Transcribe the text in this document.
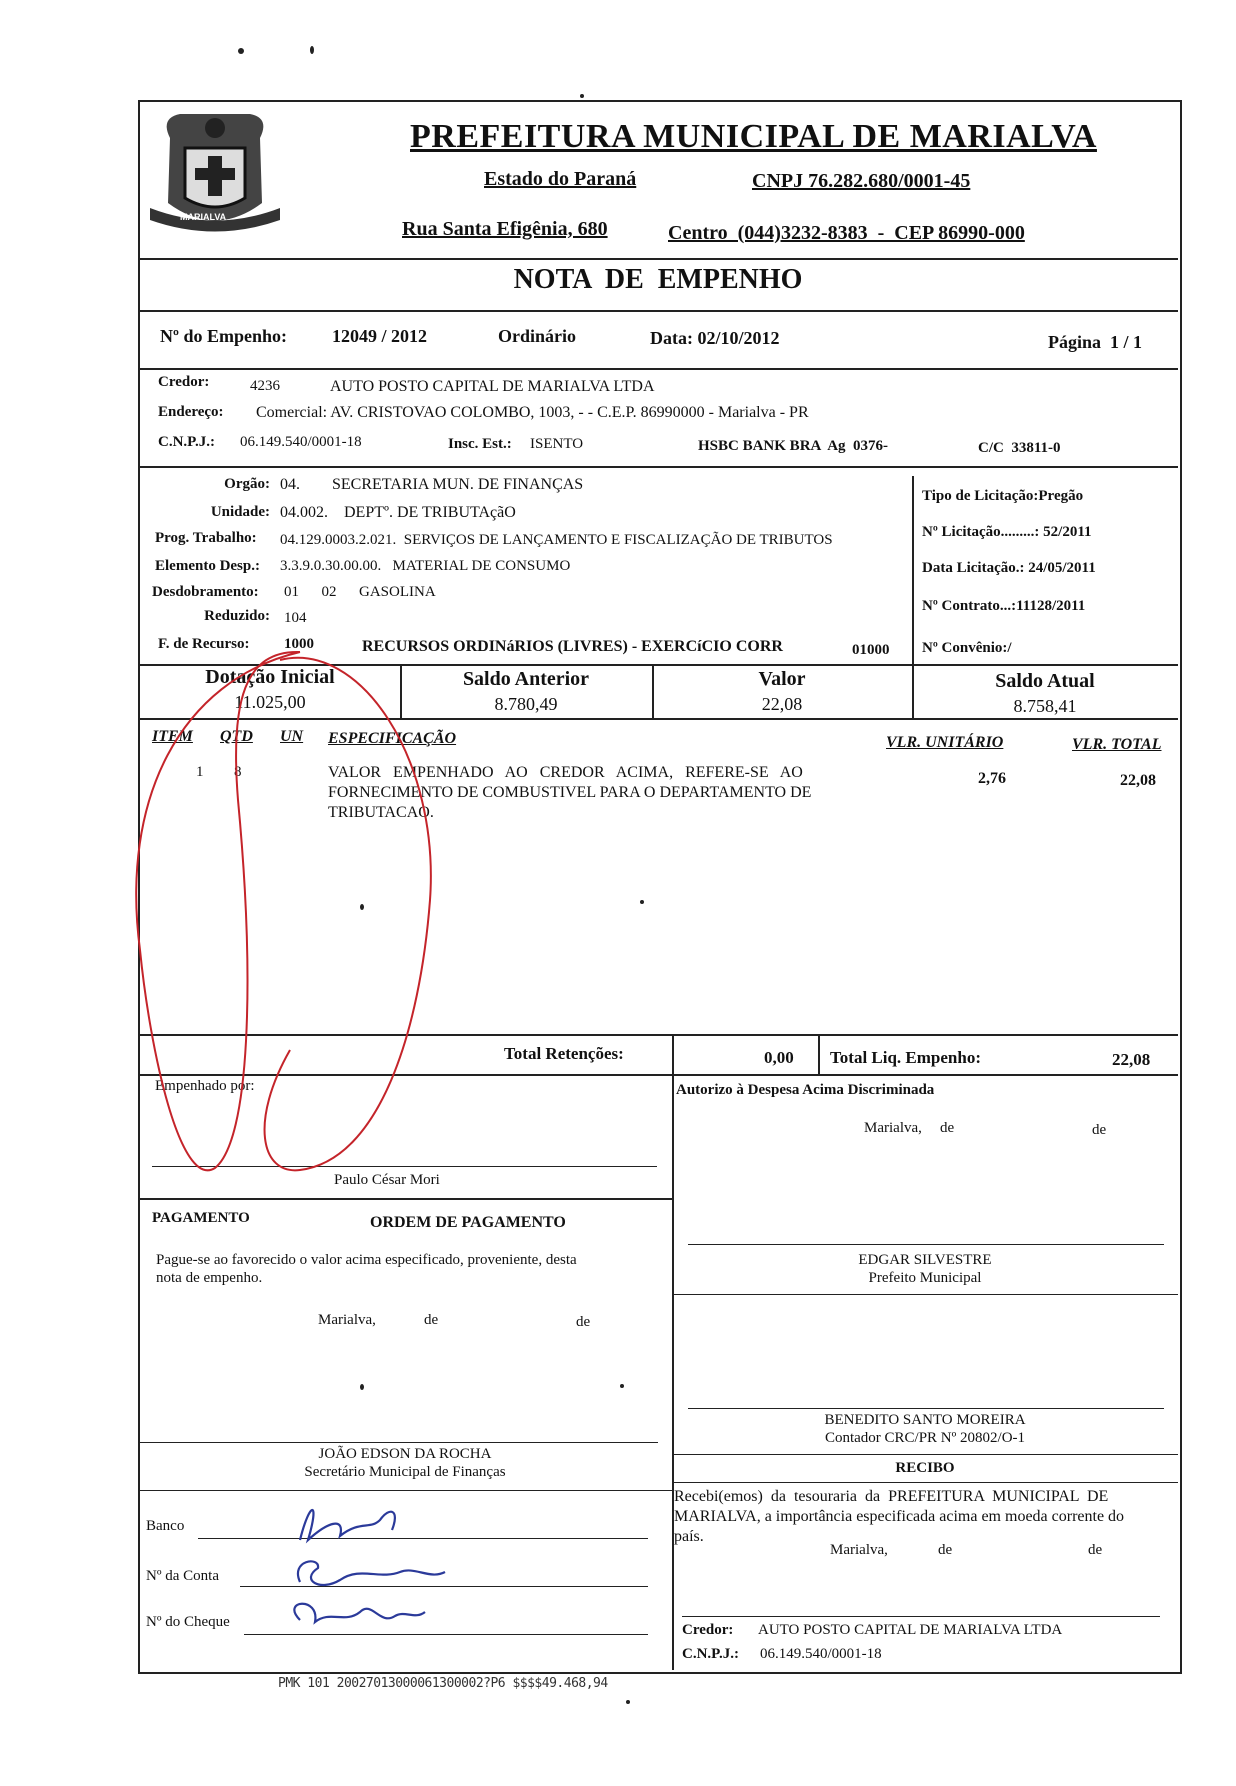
MARIALVA
PREFEITURA MUNICIPAL DE MARIALVA
Estado do Paraná	CNPJ 76.282.680/0001-45
Rua Santa Efigênia, 680	Centro  (044)3232-8383  -  CEP 86990-000
NOTA  DE  EMPENHO
Nº do Empenho:	12049 / 2012	Ordinário	Data: 02/10/2012	Página  1 / 1
Credor:	4236	AUTO POSTO CAPITAL DE MARIALVA LTDA
Endereço: Comercial: AV. CRISTOVAO COLOMBO, 1003, - - C.E.P. 86990000 - Marialva - PR
C.N.P.J.: 06.149.540/0001-18	Insc. Est.: ISENTO	HSBC BANK BRA  Ag  0376-	C/C  33811-0
Orgão: 04.        SECRETARIA MUN. DE FINANÇAS
Unidade: 04.002.    DEPTº. DE TRIBUTAçãO
Prog. Trabalho: 04.129.0003.2.021.  SERVIÇOS DE LANÇAMENTO E FISCALIZAÇÃO DE TRIBUTOS
Elemento Desp.: 3.3.9.0.30.00.00.   MATERIAL DE CONSUMO
Desdobramento: 01      02      GASOLINA
Reduzido: 104
F. de Recurso: 1000	RECURSOS ORDINáRIOS (LIVRES) - EXERCíCIO CORR	01000
Tipo de Licitação:Pregão
Nº Licitação.........: 52/2011
Data Licitação.: 24/05/2011
Nº Contrato...:11128/2011
Nº Convênio:/
Dotação Inicial
11.025,00
Saldo Anterior
8.780,49
Valor
22,08
Saldo Atual
8.758,41
ITEM QTD UN ESPECIFICAÇÃO	VLR. UNITÁRIO	VLR. TOTAL
1 8	VALOR   EMPENHADO   AO   CREDOR   ACIMA,   REFERE-SE   AO
FORNECIMENTO DE COMBUSTIVEL PARA O DEPARTAMENTO DE
TRIBUTACAO.
2,76	22,08
Total Retenções:	0,00 Total Liq. Empenho:	22,08
Empenhado por:
Paulo César Mori
Autorizo à Despesa Acima Discriminada
Marialva, de	de
PAGAMENTO	ORDEM DE PAGAMENTO
Pague-se ao favorecido o valor acima especificado, proveniente, desta
nota de empenho.
Marialva,	de	de
JOÃO EDSON DA ROCHA
Secretário Municipal de Finanças
Banco
Nº da Conta
Nº do Cheque
EDGAR SILVESTRE
Prefeito Municipal
BENEDITO SANTO MOREIRA
Contador CRC/PR Nº 20802/O-1
RECIBO
Recebi(emos)  da  tesouraria  da  PREFEITURA  MUNICIPAL  DE
MARIALVA, a importância especificada acima em moeda corrente do
país.
Marialva,	de	de
Credor: AUTO POSTO CAPITAL DE MARIALVA LTDA
C.N.P.J.: 06.149.540/0001-18
PMK 101 20027013000061300002?P6 $$$$49.468,94
